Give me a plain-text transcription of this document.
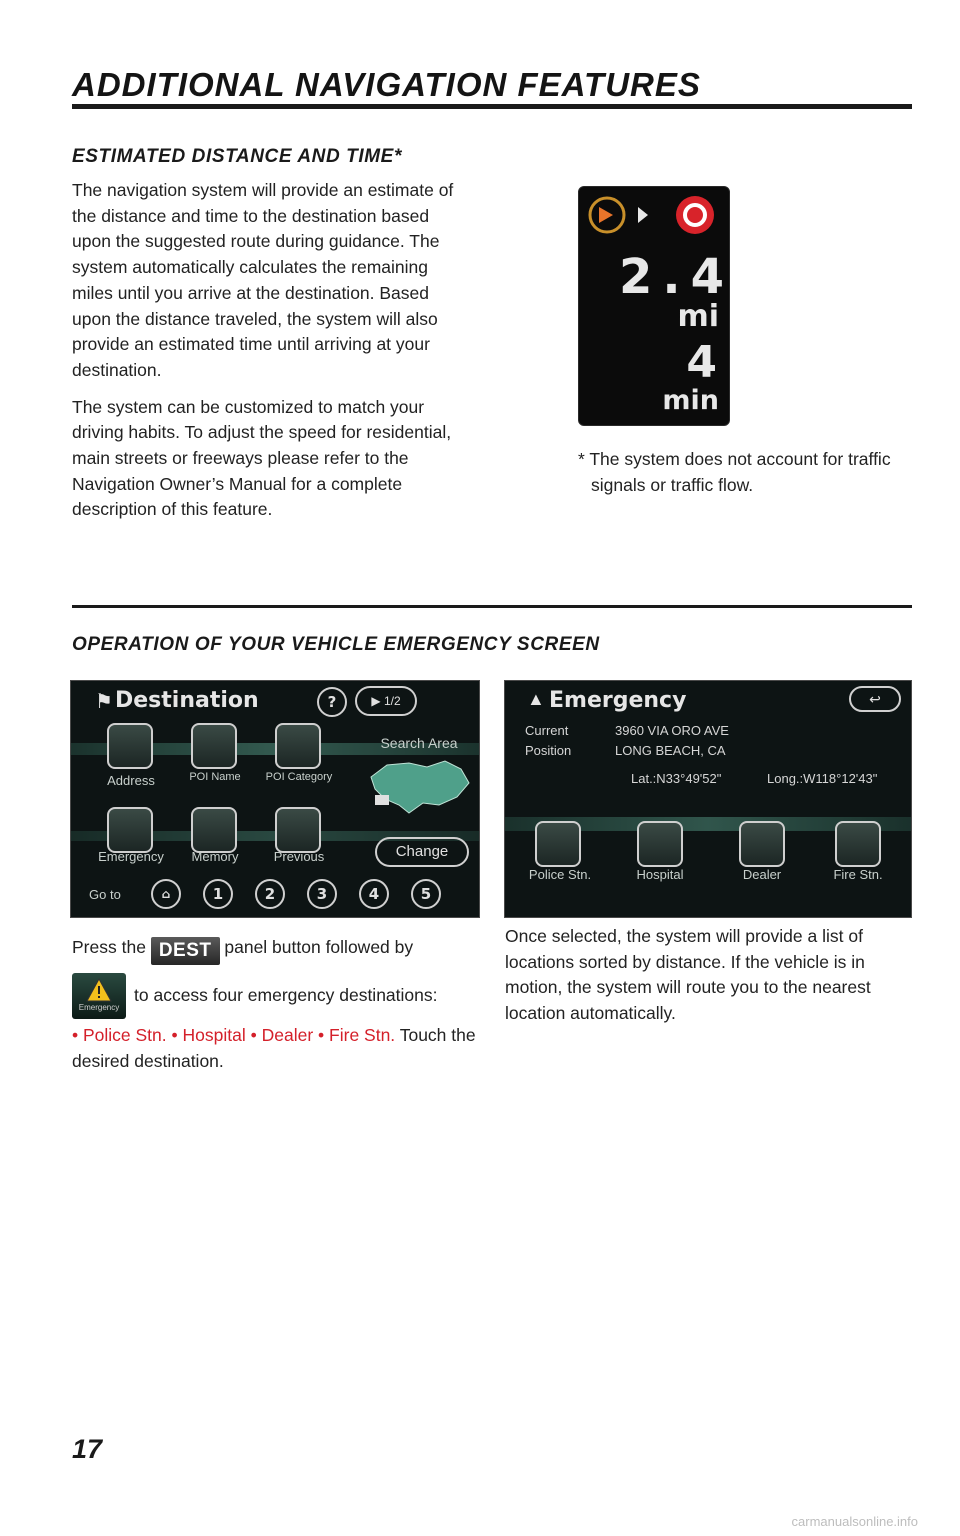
ADDITIONAL NAVIGATION FEATURES
ESTIMATED DISTANCE AND TIME*

The navigation system will provide an estimate of the distance and time to the destination based upon the suggested route during guidance. The system automatically calculates the remaining miles until you arrive at the destination. Based upon the distance traveled, the system will also provide an estimated time until arriving at your destination.

The system can be customized to match your driving habits. To adjust the speed for residential, main streets or freeways please refer to the Navigation Owner’s Manual for a complete description of this feature.

2.4
mi
4
min
* The system does not account for traffic signals or traffic flow.
OPERATION OF YOUR VEHICLE EMERGENCY SCREEN
⚑ Destination	?	▶ 1/2
Address	POI Name	POI Category
Search Area
Emergency	Memory	Previous	Change
Go to	⌂	1	2	3	4	5
▲ Emergency	↩
Current
Position
3960 VIA ORO AVE
LONG BEACH, CA
Lat.:N33°49'52"	Long.:W118°12'43"
Police Stn.	Hospital	Dealer	Fire Stn.
Press the DEST panel button followed by
Emergency
to access four emergency destinations:
• Police Stn. • Hospital • Dealer • Fire Stn. Touch the desired destination.
Once selected, the system will provide a list of locations sorted by distance. If the vehicle is in motion, the system will route you to the nearest location automatically.
17
carmanualsonline.info
